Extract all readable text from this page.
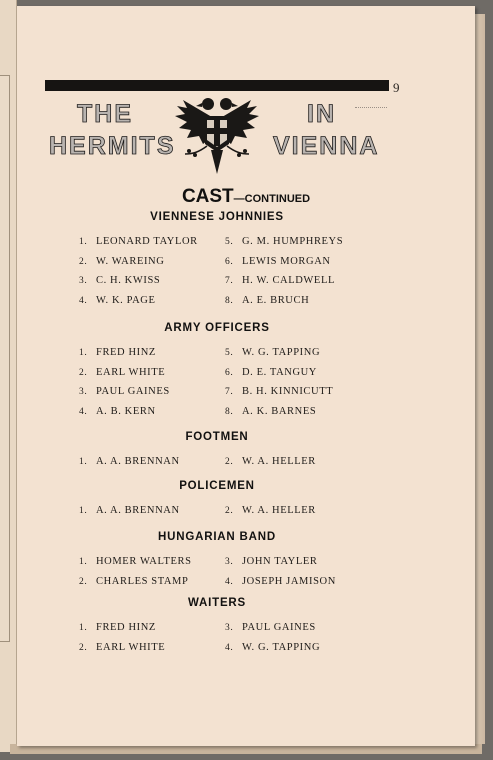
9
THE	IN
HERMITS	VIENNA
CAST—CONTINUED
VIENNESE JOHNNIES
1. LEONARD TAYLOR
2. W. WAREING
3. C. H. KWISS
4. W. K. PAGE
5. G. M. HUMPHREYS
6. LEWIS MORGAN
7. H. W. CALDWELL
8. A. E. BRUCH
ARMY OFFICERS
1. FRED HINZ
2. EARL WHITE
3. PAUL GAINES
4. A. B. KERN
5. W. G. TAPPING
6. D. E. TANGUY
7. B. H. KINNICUTT
8. A. K. BARNES
FOOTMEN
1. A. A. BRENNAN	2. W. A. HELLER
POLICEMEN
1. A. A. BRENNAN	2. W. A. HELLER
HUNGARIAN BAND
1. HOMER WALTERS
2. CHARLES STAMP
3. JOHN TAYLER
4. JOSEPH JAMISON
WAITERS
1. FRED HINZ
2. EARL WHITE
3. PAUL GAINES
4. W. G. TAPPING
